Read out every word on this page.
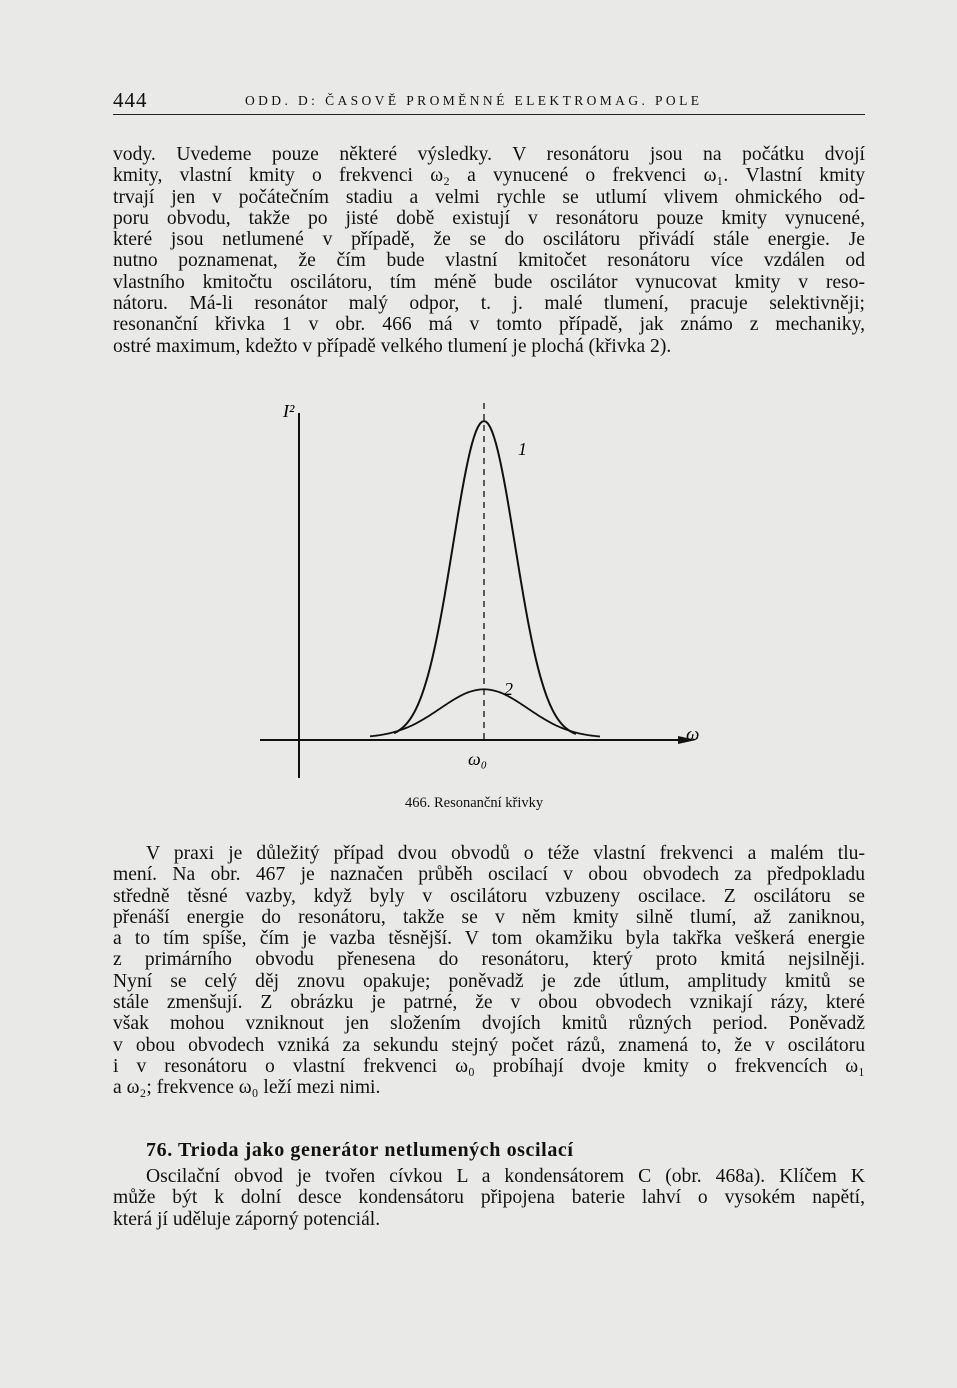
444	ODD. D: ČASOVĚ PROMĚNNÉ ELEKTROMAG. POLE
vody. Uvedeme pouze některé výsledky. V resonátoru jsou na počátku dvojí
kmity, vlastní kmity o frekvenci ω₂ a vynucené o frekvenci ω₁. Vlastní kmity
trvají jen v počátečním stadiu a velmi rychle se utlumí vlivem ohmického od-
poru obvodu, takže po jisté době existují v resonátoru pouze kmity vynucené,
které jsou netlumené v případě, že se do oscilátoru přivádí stále energie. Je
nutno poznamenat, že čím bude vlastní kmitočet resonátoru více vzdálen od
vlastního kmitočtu oscilátoru, tím méně bude oscilátor vynucovat kmity v reso-
nátoru. Má-li resonátor malý odpor, t. j. malé tlumení, pracuje selektivněji;
resonanční křivka 1 v obr. 466 má v tomto případě, jak známo z mechaniky,
ostré maximum, kdežto v případě velkého tlumení je plochá (křivka 2).
I²
ω
ω₀
1
2
466. Resonanční křivky
V praxi je důležitý případ dvou obvodů o téže vlastní frekvenci a malém tlu-
mení. Na obr. 467 je naznačen průběh oscilací v obou obvodech za předpokladu
středně těsné vazby, když byly v oscilátoru vzbuzeny oscilace. Z oscilátoru se
přenáší energie do resonátoru, takže se v něm kmity silně tlumí, až zaniknou,
a to tím spíše, čím je vazba těsnější. V tom okamžiku byla takřka veškerá energie
z primárního obvodu přenesena do resonátoru, který proto kmitá nejsilněji.
Nyní se celý děj znovu opakuje; poněvadž je zde útlum, amplitudy kmitů se
stále zmenšují. Z obrázku je patrné, že v obou obvodech vznikají rázy, které
však mohou vzniknout jen složením dvojích kmitů různých period. Poněvadž
v obou obvodech vzniká za sekundu stejný počet rázů, znamená to, že v oscilátoru
i v resonátoru o vlastní frekvenci ω₀ probíhají dvoje kmity o frekvencích ω₁
a ω₂; frekvence ω₀ leží mezi nimi.
76. Trioda jako generátor netlumených oscilací
Oscilační obvod je tvořen cívkou L a kondensátorem C (obr. 468a). Klíčem K
může být k dolní desce kondensátoru připojena baterie lahví o vysokém napětí,
která jí uděluje záporný potenciál.
